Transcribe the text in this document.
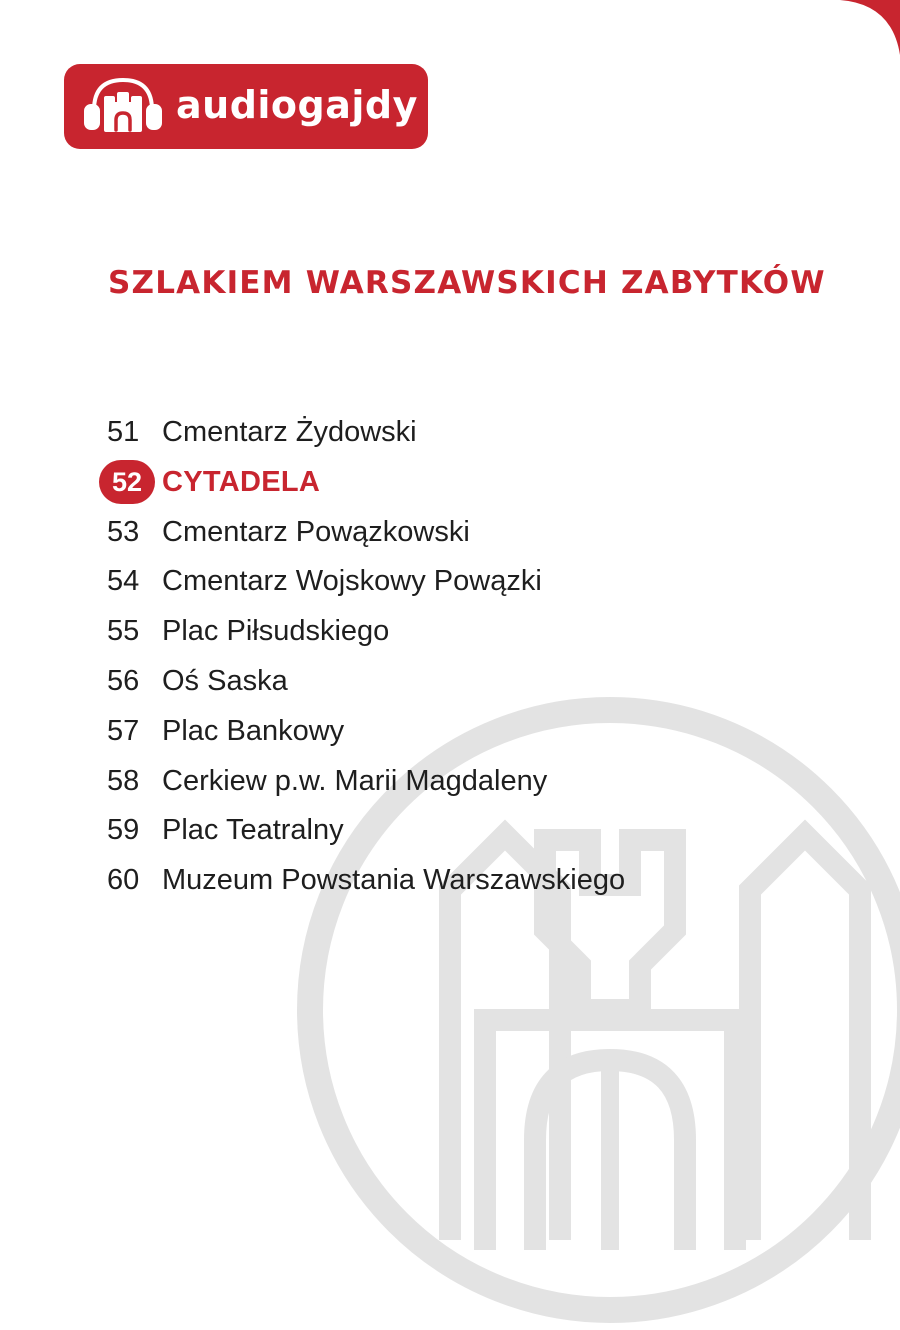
audiogajdy
SZLAKIEM WARSZAWSKICH ZABYTKÓW
51 Cmentarz Żydowski
52 CYTADELA
53 Cmentarz Powązkowski
54 Cmentarz Wojskowy Powązki
55 Plac Piłsudskiego
56 Oś Saska
57 Plac Bankowy
58 Cerkiew p.w. Marii Magdaleny
59 Plac Teatralny
60 Muzeum Powstania Warszawskiego
